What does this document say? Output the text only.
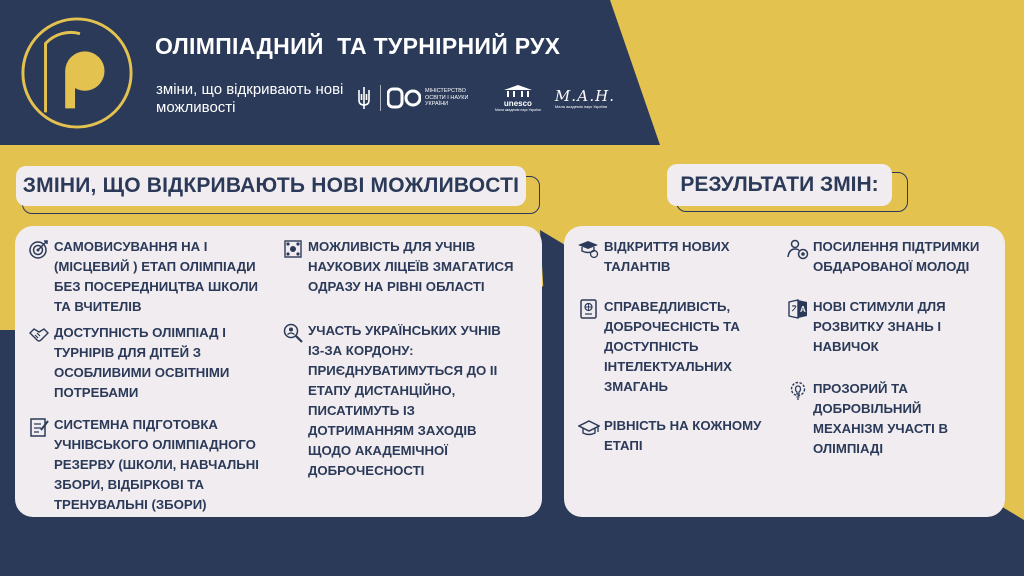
ОЛІМПІАДНИЙ  ТА ТУРНІРНИЙ РУХ
зміни, що відкривають нові можливості
МІНІСТЕРСТВО ОСВІТИ І НАУКИ УКРАЇНИ	unesco
Мала академія наук України
М.А.Н.
Мала академія наук України
ЗМІНИ, ЩО ВІДКРИВАЮТЬ НОВІ МОЖЛИВОСТІ	РЕЗУЛЬТАТИ ЗМІН:
САМОВИСУВАННЯ НА І (МІСЦЕВИЙ ) ЕТАП ОЛІМПІАДИ БЕЗ ПОСЕРЕДНИЦТВА ШКОЛИ ТА ВЧИТЕЛІВ
ДОСТУПНІСТЬ ОЛІМПІАД І ТУРНІРІВ ДЛЯ ДІТЕЙ З ОСОБЛИВИМИ ОСВІТНІМИ ПОТРЕБАМИ
СИСТЕМНА ПІДГОТОВКА УЧНІВСЬКОГО ОЛІМПІАДНОГО РЕЗЕРВУ (ШКОЛИ, НАВЧАЛЬНІ ЗБОРИ, ВІДБІРКОВІ ТА ТРЕНУВАЛЬНІ (ЗБОРИ)
МОЖЛИВІСТЬ ДЛЯ УЧНІВ НАУКОВИХ ЛІЦЕЇВ ЗМАГАТИСЯ ОДРАЗУ НА РІВНІ ОБЛАСТІ
УЧАСТЬ УКРАЇНСЬКИХ УЧНІВ ІЗ-ЗА КОРДОНУ: ПРИЄДНУВАТИМУТЬСЯ ДО ІІ ЕТАПУ ДИСТАНЦІЙНО, ПИСАТИМУТЬ ІЗ ДОТРИМАННЯМ ЗАХОДІВ ЩОДО АКАДЕМІЧНОЇ ДОБРОЧЕСНОСТІ
ВІДКРИТТЯ НОВИХ ТАЛАНТІВ
СПРАВЕДЛИВІСТЬ, ДОБРОЧЕСНІСТЬ ТА ДОСТУПНІСТЬ ІНТЕЛЕКТУАЛЬНИХ ЗМАГАНЬ
РІВНІСТЬ НА КОЖНОМУ ЕТАПІ
ПОСИЛЕННЯ ПІДТРИМКИ ОБДАРОВАНОЇ МОЛОДІ
A НОВІ СТИМУЛИ ДЛЯ РОЗВИТКУ ЗНАНЬ І НАВИЧОК
ПРОЗОРИЙ ТА ДОБРОВІЛЬНИЙ МЕХАНІЗМ УЧАСТІ В ОЛІМПІАДІ
